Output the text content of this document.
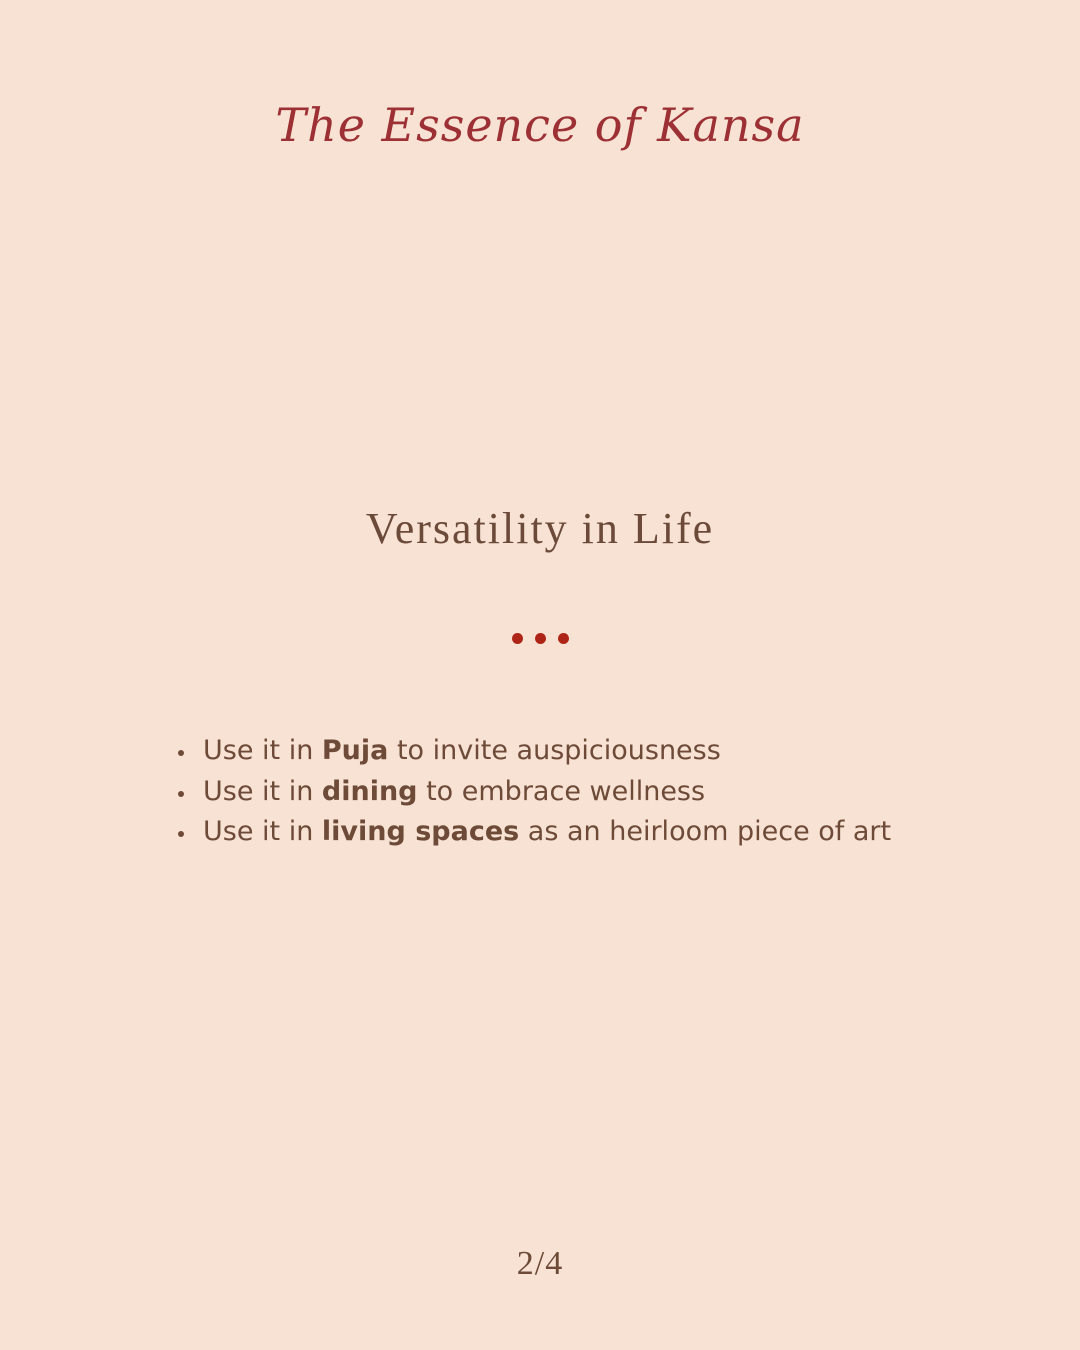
The Essence of Kansa
Versatility in Life
• Use it in Puja to invite auspiciousness
• Use it in dining to embrace wellness
• Use it in living spaces as an heirloom piece of art
2/4
